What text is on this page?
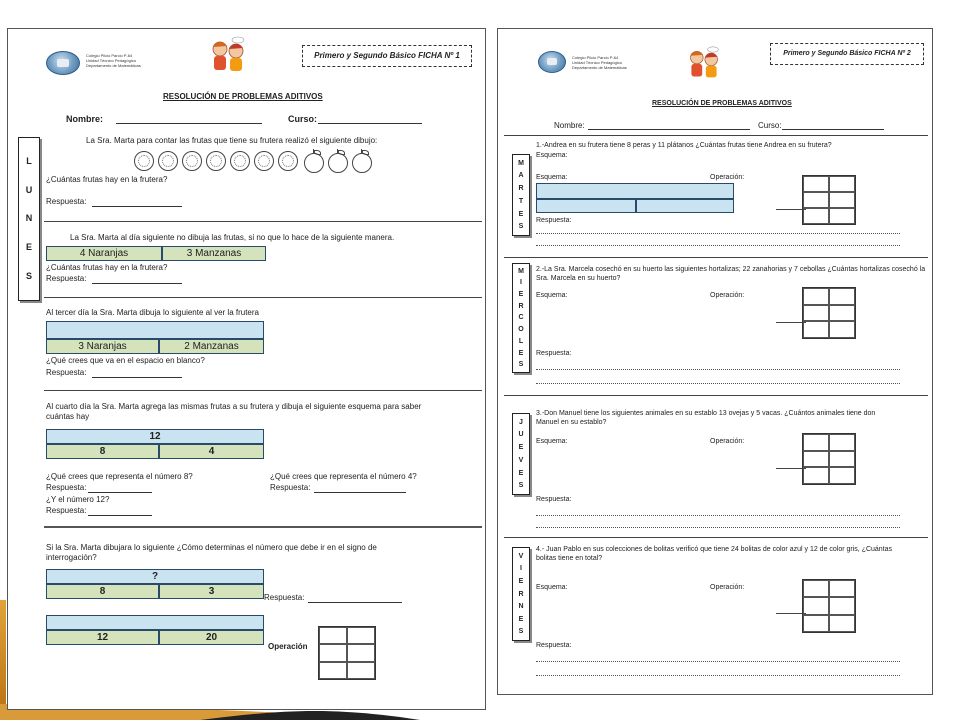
Colegio Pilcio Parcio P-64
Unidad Técnico Pedagógico
Departamento de Matemáticas
Primero y Segundo Básico FICHA Nº 1
RESOLUCIÓN DE PROBLEMAS ADITIVOS
Nombre:	Curso:
L
U
N
E
S
La Sra. Marta para contar las frutas que tiene su frutera realizó el siguiente dibujo:
¿Cuántas frutas hay en la frutera?
Respuesta:
La Sra. Marta al día siguiente no dibuja las frutas, si no que lo hace de la siguiente manera.
4 Naranjas	3 Manzanas
¿Cuántas frutas hay en la frutera?
Respuesta:
Al tercer día la Sra. Marta dibuja lo siguiente al ver la frutera
3 Naranjas	2 Manzanas
¿Qué crees que va en el espacio en blanco?
Respuesta:
Al cuarto día la Sra. Marta agrega las mismas frutas a su frutera y dibuja el siguiente esquema para saber cuántas hay
12
8	4
¿Qué crees que representa el número 8?
Respuesta:
¿Qué crees que representa el número 4?
Respuesta:
¿Y el número 12?
Respuesta:
Si la Sra. Marta dibujara lo siguiente ¿Cómo determinas el número que debe ir en el signo de interrogación?
?
8	3
Respuesta:
12	20
Operación
Colegio Pilcio Parcio P-64
Unidad Técnico Pedagógico
Departamento de Matemáticas
Primero y Segundo Básico FICHA Nº 2
RESOLUCIÓN DE PROBLEMAS ADITIVOS
Nombre:	Curso:
M
A
R
T
E
S
1.-Andrea en su frutera tiene 8 peras y 11 plátanos ¿Cuántas frutas tiene Andrea en su frutera?
Esquema:
Esquema:	Operación:
Respuesta:
M
I
E
R
C
O
L
E
S
2.-La Sra. Marcela cosechó en su huerto las siguientes hortalizas; 22 zanahorias y 7 cebollas ¿Cuántas hortalizas cosechó la Sra. Marcela en su huerto?
Esquema:	Operación:
Respuesta:
J
U
E
V
E
S
3.-Don Manuel tiene los siguientes animales en su establo 13 ovejas y 5 vacas. ¿Cuántos animales tiene don Manuel en su establo?
Esquema:	Operación:
Respuesta:
V
I
E
R
N
E
S
4.- Juan Pablo en sus colecciones de bolitas verificó que tiene 24 bolitas de color azul y 12 de color gris, ¿Cuántas bolitas tiene en total?
Esquema:	Operación:
Respuesta:
